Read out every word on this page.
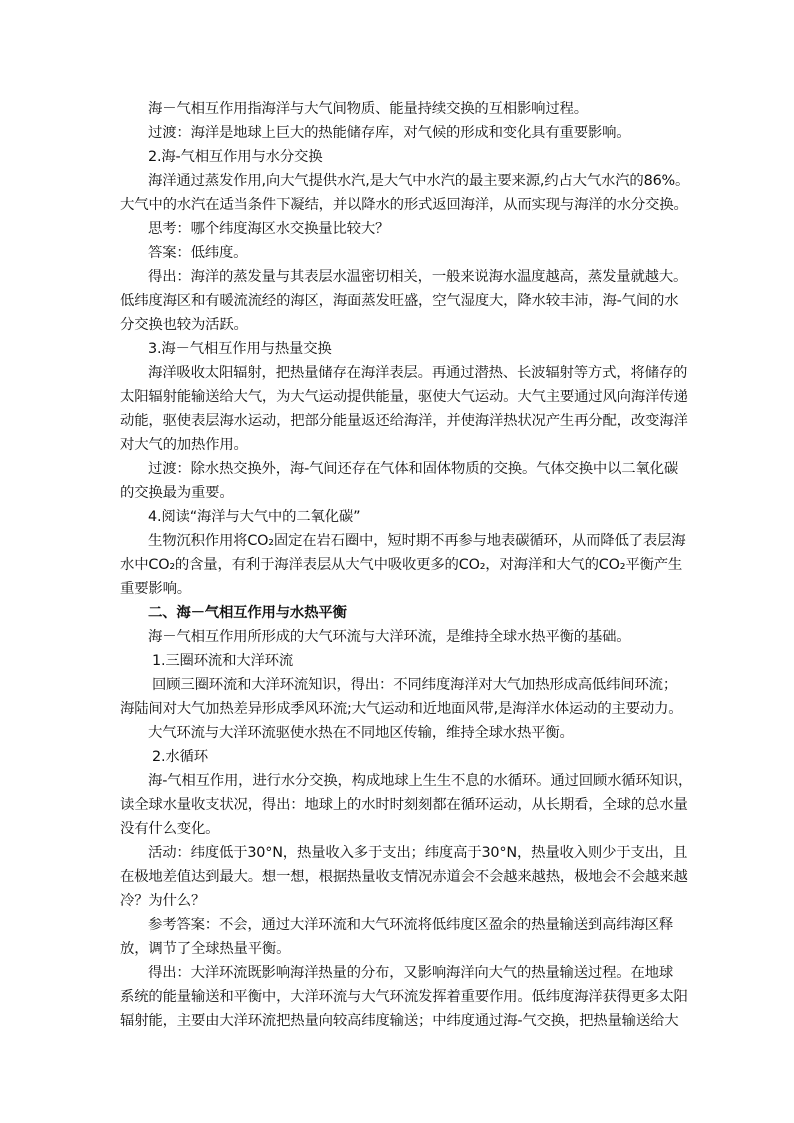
海－气相互作用指海洋与大气间物质、能量持续交换的互相影响过程。
过渡：海洋是地球上巨大的热能储存库，对气候的形成和变化具有重要影响。
2.海-气相互作用与水分交换
海洋通过蒸发作用,向大气提供水汽,是大气中水汽的最主要来源,约占大气水汽的86%。
大气中的水汽在适当条件下凝结，并以降水的形式返回海洋，从而实现与海洋的水分交换。
思考：哪个纬度海区水交换量比较大？
答案：低纬度。
得出：海洋的蒸发量与其表层水温密切相关，一般来说海水温度越高，蒸发量就越大。
低纬度海区和有暖流流经的海区，海面蒸发旺盛，空气湿度大，降水较丰沛，海-气间的水
分交换也较为活跃。
3.海－气相互作用与热量交换
海洋吸收太阳辐射，把热量储存在海洋表层。再通过潜热、长波辐射等方式，将储存的
太阳辐射能输送给大气，为大气运动提供能量，驱使大气运动。大气主要通过风向海洋传递
动能，驱使表层海水运动，把部分能量返还给海洋，并使海洋热状况产生再分配，改变海洋
对大气的加热作用。
过渡：除水热交换外，海-气间还存在气体和固体物质的交换。气体交换中以二氧化碳
的交换最为重要。
4.阅读“海洋与大气中的二氧化碳”
生物沉积作用将CO₂固定在岩石圈中，短时期不再参与地表碳循环，从而降低了表层海
水中CO₂的含量，有利于海洋表层从大气中吸收更多的CO₂，对海洋和大气的CO₂平衡产生
重要影响。
二、海－气相互作用与水热平衡
海－气相互作用所形成的大气环流与大洋环流，是维持全球水热平衡的基础。
1.三圈环流和大洋环流
回顾三圈环流和大洋环流知识，得出：不同纬度海洋对大气加热形成高低纬间环流；
海陆间对大气加热差异形成季风环流;大气运动和近地面风带,是海洋水体运动的主要动力。
大气环流与大洋环流驱使水热在不同地区传输，维持全球水热平衡。
2.水循环
海-气相互作用，进行水分交换，构成地球上生生不息的水循环。通过回顾水循环知识，
读全球水量收支状况，得出：地球上的水时时刻刻都在循环运动，从长期看，全球的总水量
没有什么变化。
活动：纬度低于30°N，热量收入多于支出；纬度高于30°N，热量收入则少于支出，且
在极地差值达到最大。想一想，根据热量收支情况赤道会不会越来越热，极地会不会越来越
冷？为什么？
参考答案：不会，通过大洋环流和大气环流将低纬度区盈余的热量输送到高纬海区释
放，调节了全球热量平衡。
得出：大洋环流既影响海洋热量的分布，又影响海洋向大气的热量输送过程。在地球
系统的能量输送和平衡中，大洋环流与大气环流发挥着重要作用。低纬度海洋获得更多太阳
辐射能，主要由大洋环流把热量向较高纬度输送；中纬度通过海-气交换，把热量输送给大
